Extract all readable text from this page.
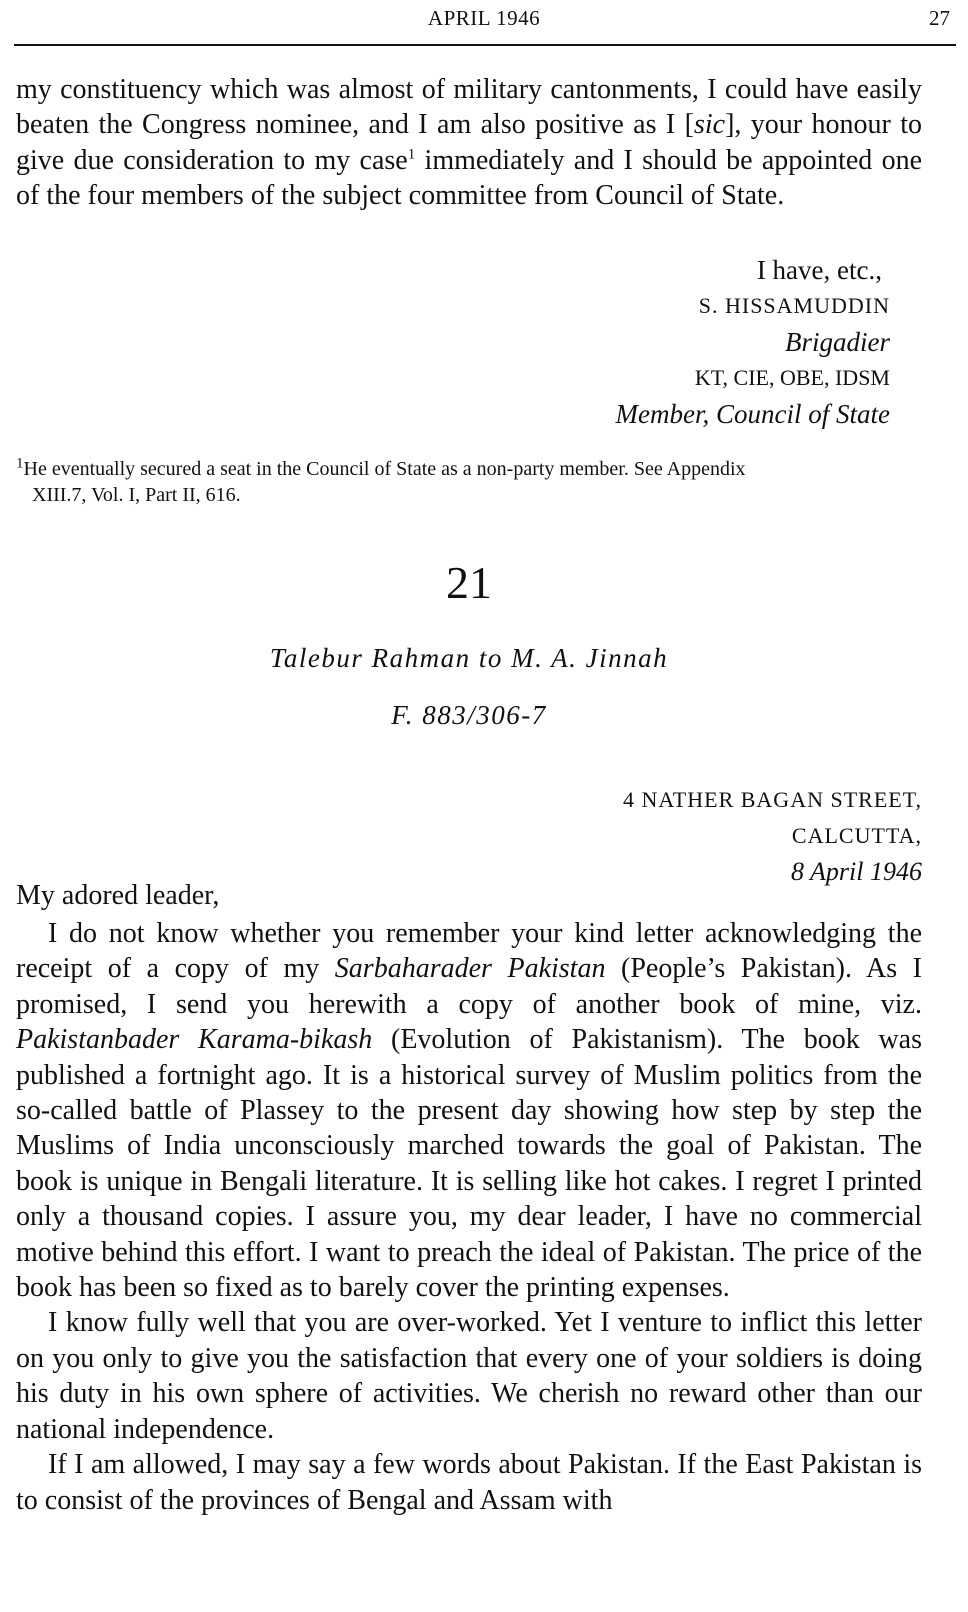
APRIL 1946	27

my constituency which was almost of military cantonments, I could have easily beaten the Congress nominee, and I am also positive as I [sic], your honour to give due consideration to my case$^1$ immediately and I should be appointed one of the four members of the subject committee from Council of State.

I have, etc.,
S. HISSAMUDDIN
Brigadier
KT, CIE, OBE, IDSM
Member, Council of State
$^1$He eventually secured a seat in the Council of State as a non-party member. See Appendix
XIII.7, Vol. I, Part II, 616.
21
Talebur Rahman to M. A. Jinnah
F. 883/306-7
4 NATHER BAGAN STREET,
CALCUTTA,
8 April 1946
My adored leader,

I do not know whether you remember your kind letter acknowledging the receipt of a copy of my Sarbaharader Pakistan (People’s Pakistan). As I promised, I send you herewith a copy of another book of mine, viz. Pakistanbader Karama-bikash (Evolution of Pakistanism). The book was published a fortnight ago. It is a historical survey of Muslim politics from the so-called battle of Plassey to the present day showing how step by step the Muslims of India unconsciously marched towards the goal of Pakistan. The book is unique in Bengali literature. It is selling like hot cakes. I regret I printed only a thousand copies. I assure you, my dear leader, I have no commercial motive behind this effort. I want to preach the ideal of Pakistan. The price of the book has been so fixed as to barely cover the printing expenses.

I know fully well that you are over-worked. Yet I venture to inflict this letter on you only to give you the satisfaction that every one of your soldiers is doing his duty in his own sphere of activities. We cherish no reward other than our national independence.

If I am allowed, I may say a few words about Pakistan. If the East Pakistan is to consist of the provinces of Bengal and Assam with
